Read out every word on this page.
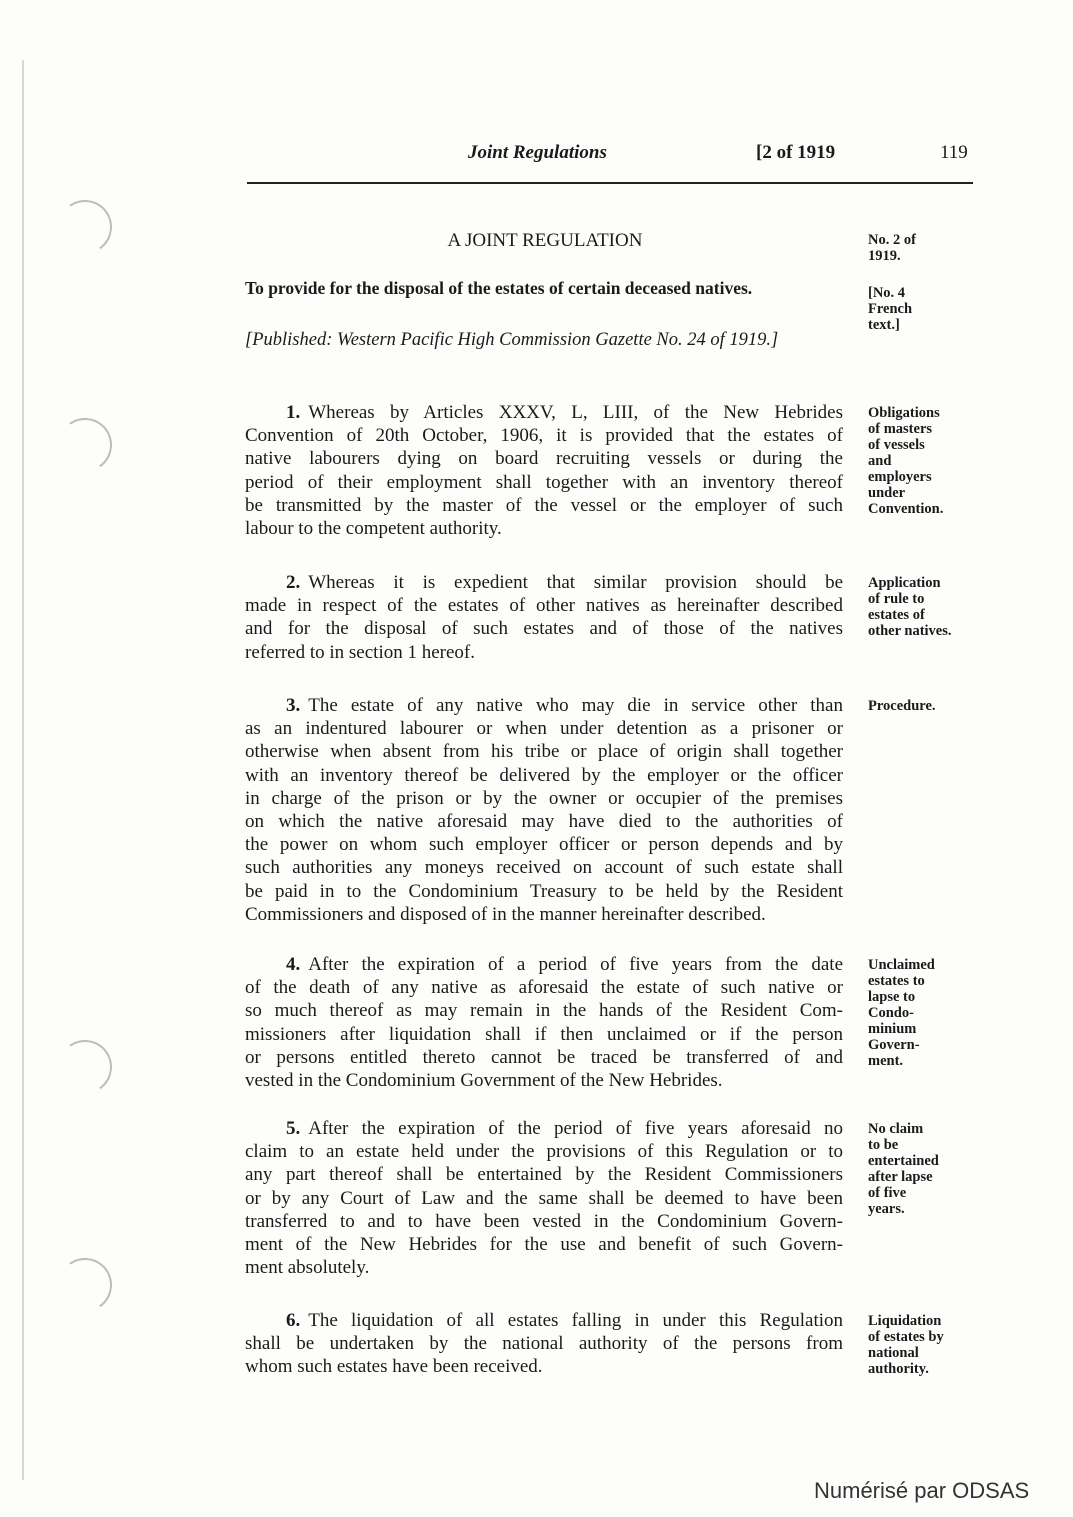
Joint Regulations	[2 of 1919	119
A JOINT REGULATION
To provide for the disposal of the estates of certain deceased natives.
[Published: Western Pacific High Commission Gazette No. 24 of 1919.]
No. 2 of
1919.
[No. 4
French
text.]
1. Whereas by Articles XXXV, L, LIII, of the New Hebrides
Convention of 20th October, 1906, it is provided that the estates of
native labourers dying on board recruiting vessels or during the
period of their employment shall together with an inventory thereof
be transmitted by the master of the vessel or the employer of such
labour to the competent authority.
Obligations
of masters
of vessels
and
employers
under
Convention.
2. Whereas it is expedient that similar provision should be
made in respect of the estates of other natives as hereinafter described
and for the disposal of such estates and of those of the natives
referred to in section 1 hereof.
Application
of rule to
estates of
other natives.
3. The estate of any native who may die in service other than
as an indentured labourer or when under detention as a prisoner or
otherwise when absent from his tribe or place of origin shall together
with an inventory thereof be delivered by the employer or the officer
in charge of the prison or by the owner or occupier of the premises
on which the native aforesaid may have died to the authorities of
the power on whom such employer officer or person depends and by
such authorities any moneys received on account of such estate shall
be paid in to the Condominium Treasury to be held by the Resident
Commissioners and disposed of in the manner hereinafter described.
Procedure.
4. After the expiration of a period of five years from the date
of the death of any native as aforesaid the estate of such native or
so much thereof as may remain in the hands of the Resident Com-
missioners after liquidation shall if then unclaimed or if the person
or persons entitled thereto cannot be traced be transferred of and
vested in the Condominium Government of the New Hebrides.
Unclaimed
estates to
lapse to
Condo-
minium
Govern-
ment.
5. After the expiration of the period of five years aforesaid no
claim to an estate held under the provisions of this Regulation or to
any part thereof shall be entertained by the Resident Commissioners
or by any Court of Law and the same shall be deemed to have been
transferred to and to have been vested in the Condominium Govern-
ment of the New Hebrides for the use and benefit of such Govern-
ment absolutely.
No claim
to be
entertained
after lapse
of five
years.
6. The liquidation of all estates falling in under this Regulation
shall be undertaken by the national authority of the persons from
whom such estates have been received.
Liquidation
of estates by
national
authority.
Numérisé par ODSAS
